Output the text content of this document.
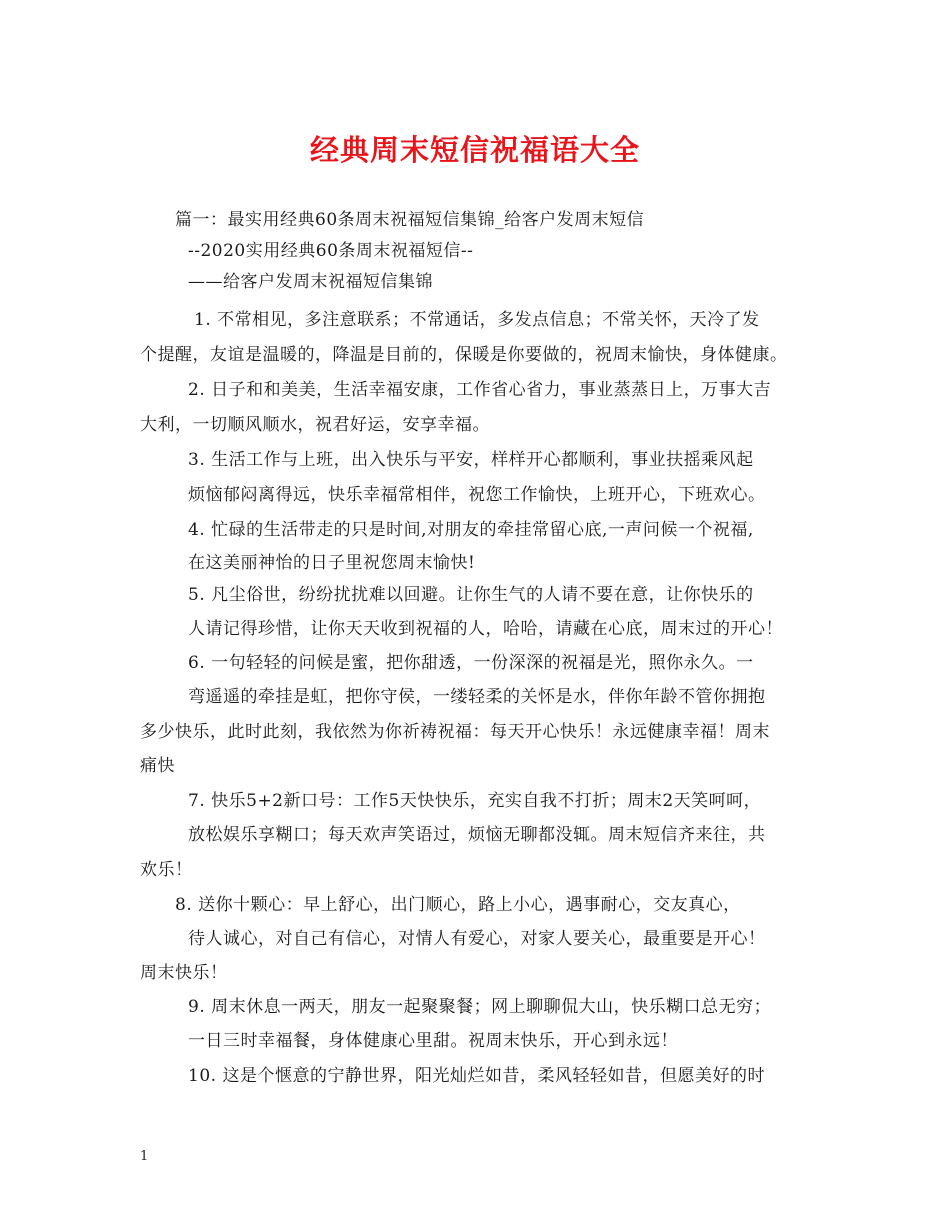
经典周末短信祝福语大全
篇一：最实用经典60条周末祝福短信集锦_给客户发周末短信
--2020实用经典60条周末祝福短信--
——给客户发周末祝福短信集锦
1. 不常相见，多注意联系；不常通话，多发点信息；不常关怀，天冷了发
个提醒，友谊是温暖的，降温是目前的，保暖是你要做的，祝周末愉快，身体健康。
2. 日子和和美美，生活幸福安康，工作省心省力，事业蒸蒸日上，万事大吉
大利，一切顺风顺水，祝君好运，安享幸福。
3. 生活工作与上班，出入快乐与平安，样样开心都顺利，事业扶摇乘风起
烦恼郁闷离得远，快乐幸福常相伴，祝您工作愉快，上班开心，下班欢心。
4. 忙碌的生活带走的只是时间,对朋友的牵挂常留心底,一声问候一个祝福,
在这美丽神怡的日子里祝您周末愉快!
5. 凡尘俗世，纷纷扰扰难以回避。让你生气的人请不要在意，让你快乐的
人请记得珍惜，让你天天收到祝福的人，哈哈，请藏在心底，周末过的开心！
6. 一句轻轻的问候是蜜，把你甜透，一份深深的祝福是光，照你永久。一
弯遥遥的牵挂是虹，把你守侯，一缕轻柔的关怀是水，伴你年龄不管你拥抱
多少快乐，此时此刻，我依然为你祈祷祝福：每天开心快乐！永远健康幸福！周末
痛快
7. 快乐5+2新口号：工作5天快快乐，充实自我不打折；周末2天笑呵呵，
放松娱乐享糊口；每天欢声笑语过，烦恼无聊都没辄。周末短信齐来往，共
欢乐！
8. 送你十颗心：早上舒心，出门顺心，路上小心，遇事耐心，交友真心，
待人诚心，对自己有信心，对情人有爱心，对家人要关心，最重要是开心！
周末快乐！
9. 周末休息一两天，朋友一起聚聚餐；网上聊聊侃大山，快乐糊口总无穷；
一日三时幸福餐，身体健康心里甜。祝周末快乐，开心到永远！
10. 这是个惬意的宁静世界，阳光灿烂如昔，柔风轻轻如昔，但愿美好的时
1
